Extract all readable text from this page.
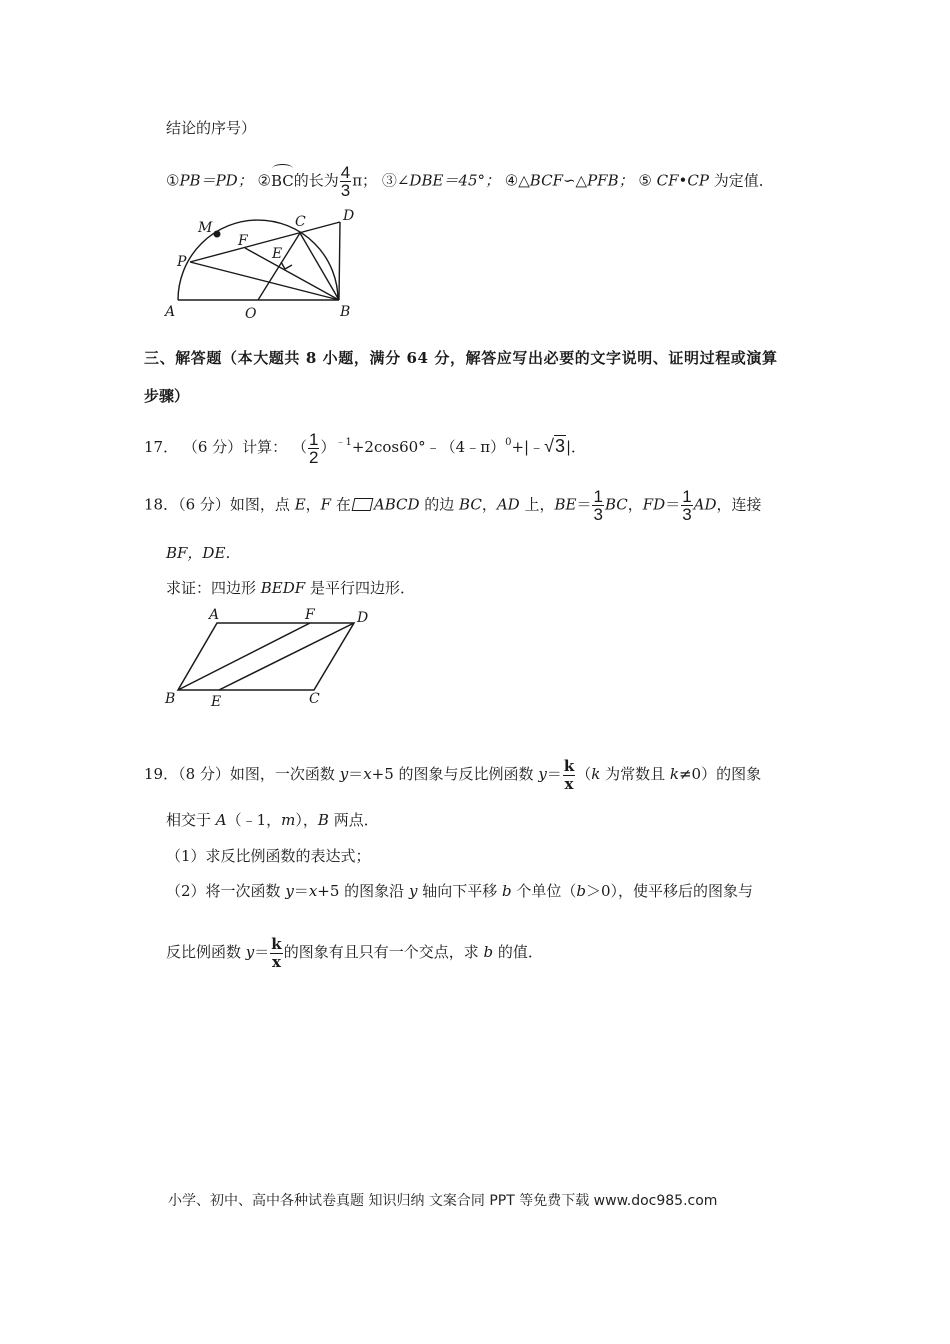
结论的序号）
①PB＝PD； ②BC的长为 $\frac{4}{3}$ π； ③∠DBE＝45°； ④△BCF∽△PFB； ⑤ CF•CP 为定值．
M	C	D
F
E
P
A	O	B
三、解答题（本大题共 8 小题，满分 64 分，解答应写出必要的文字说明、证明过程或演算
步骤）
17． （6 分）计算： （ $\frac{1}{2}$ ）$^{﹣1}$+2cos60°﹣（4﹣π）$^0$+|﹣√3|．
18．（6 分）如图，点 E，F 在 ABCD 的边 BC，AD 上，$BE= \frac{1}{3}$ BC，$FD= \frac{1}{3}$ AD，连接
BF，DE．
求证：四边形 BEDF 是平行四边形．
A	F	D
B	E	C
19．（8 分）如图，一次函数 y＝x+5 的图象与反比例函数 $y= \frac{k}{x} (k$ 为常数且 k≠0）的图象
相交于 A（﹣1，m），B 两点．
（1）求反比例函数的表达式；
（2）将一次函数 y＝x+5 的图象沿 y 轴向下平移 b 个单位（b＞0），使平移后的图象与
反比例函数 $y= \frac{k}{x}$ 的图象有且只有一个交点，求 b 的值．
小学、初中、高中各种试卷真题 知识归纳 文案合同 PPT 等免费下载 www.doc985.com
